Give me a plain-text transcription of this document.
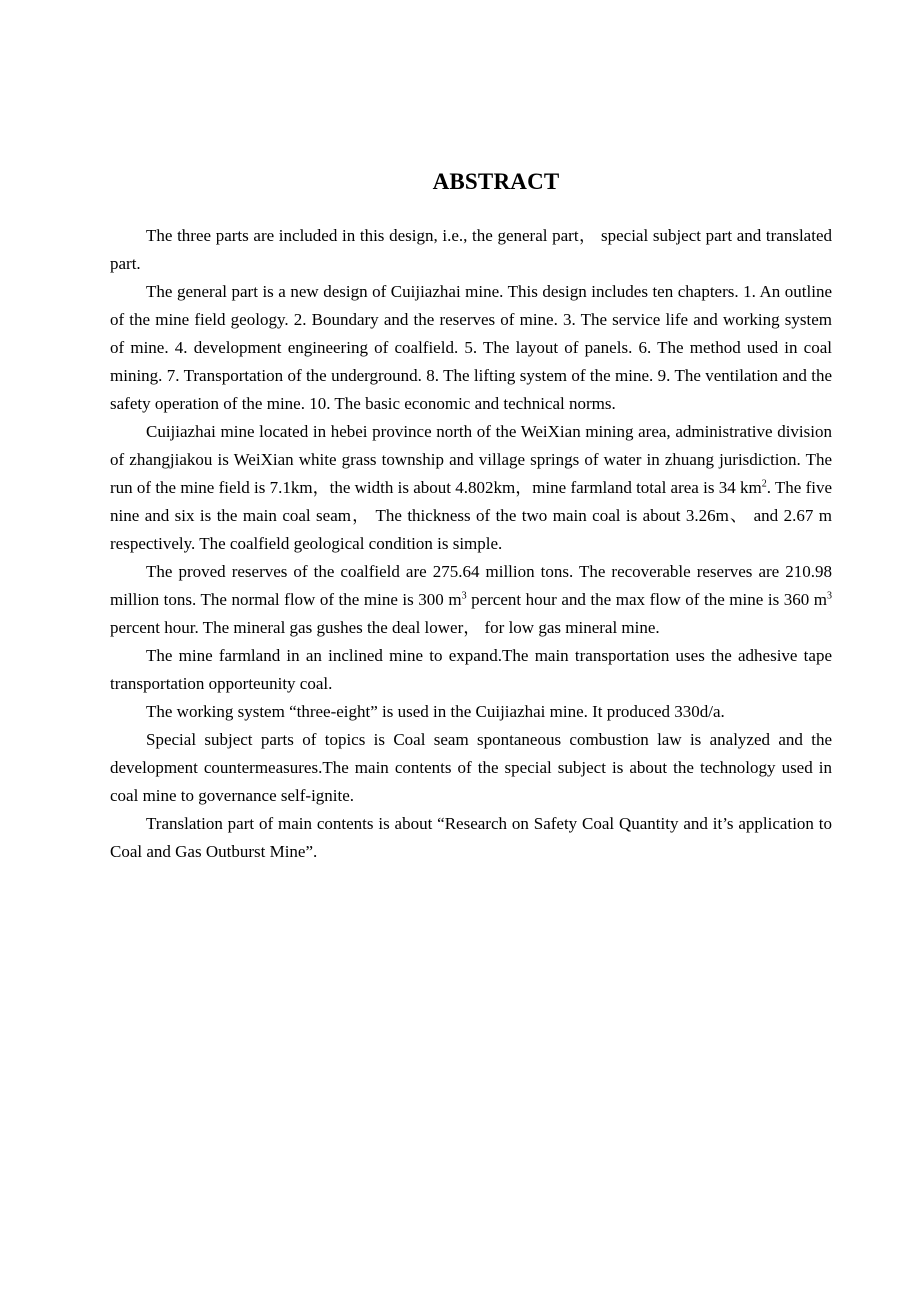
ABSTRACT

The three parts are included in this design, i.e., the general part， special subject part and translated part.

The general part is a new design of Cuijiazhai mine. This design includes ten chapters. 1. An outline of the mine field geology. 2. Boundary and the reserves of mine. 3. The service life and working system of mine. 4. development engineering of coalfield. 5. The layout of panels. 6. The method used in coal mining. 7. Transportation of the underground. 8. The lifting system of the mine. 9. The ventilation and the safety operation of the mine. 10. The basic economic and technical norms.

Cuijiazhai mine located in hebei province north of the WeiXian mining area, administrative division of zhangjiakou is WeiXian white grass township and village springs of water in zhuang jurisdiction. The run of the mine field is 7.1km，the width is about 4.802km，mine farmland total area is 34 $km^2$. The five nine and six is the main coal seam， The thickness of the two main coal is about 3.26m、 and 2.67 m respectively. The coalfield geological condition is simple.

The proved reserves of the coalfield are 275.64 million tons. The recoverable reserves are 210.98 million tons. The normal flow of the mine is 300 $m^3$ percent hour and the max flow of the mine is 360 $m^3$ percent hour. The mineral gas gushes the deal lower， for low gas mineral mine.

The mine farmland in an inclined mine to expand.The main transportation uses the adhesive tape transportation opporteunity coal.

The working system “three-eight” is used in the Cuijiazhai mine. It produced 330d/a.

Special subject parts of topics is Coal seam spontaneous combustion law is analyzed and the development countermeasures.The main contents of the special subject is about the technology used in coal mine to governance self-ignite.

Translation part of main contents is about “Research on Safety Coal Quantity and it’s application to Coal and Gas Outburst Mine”.
